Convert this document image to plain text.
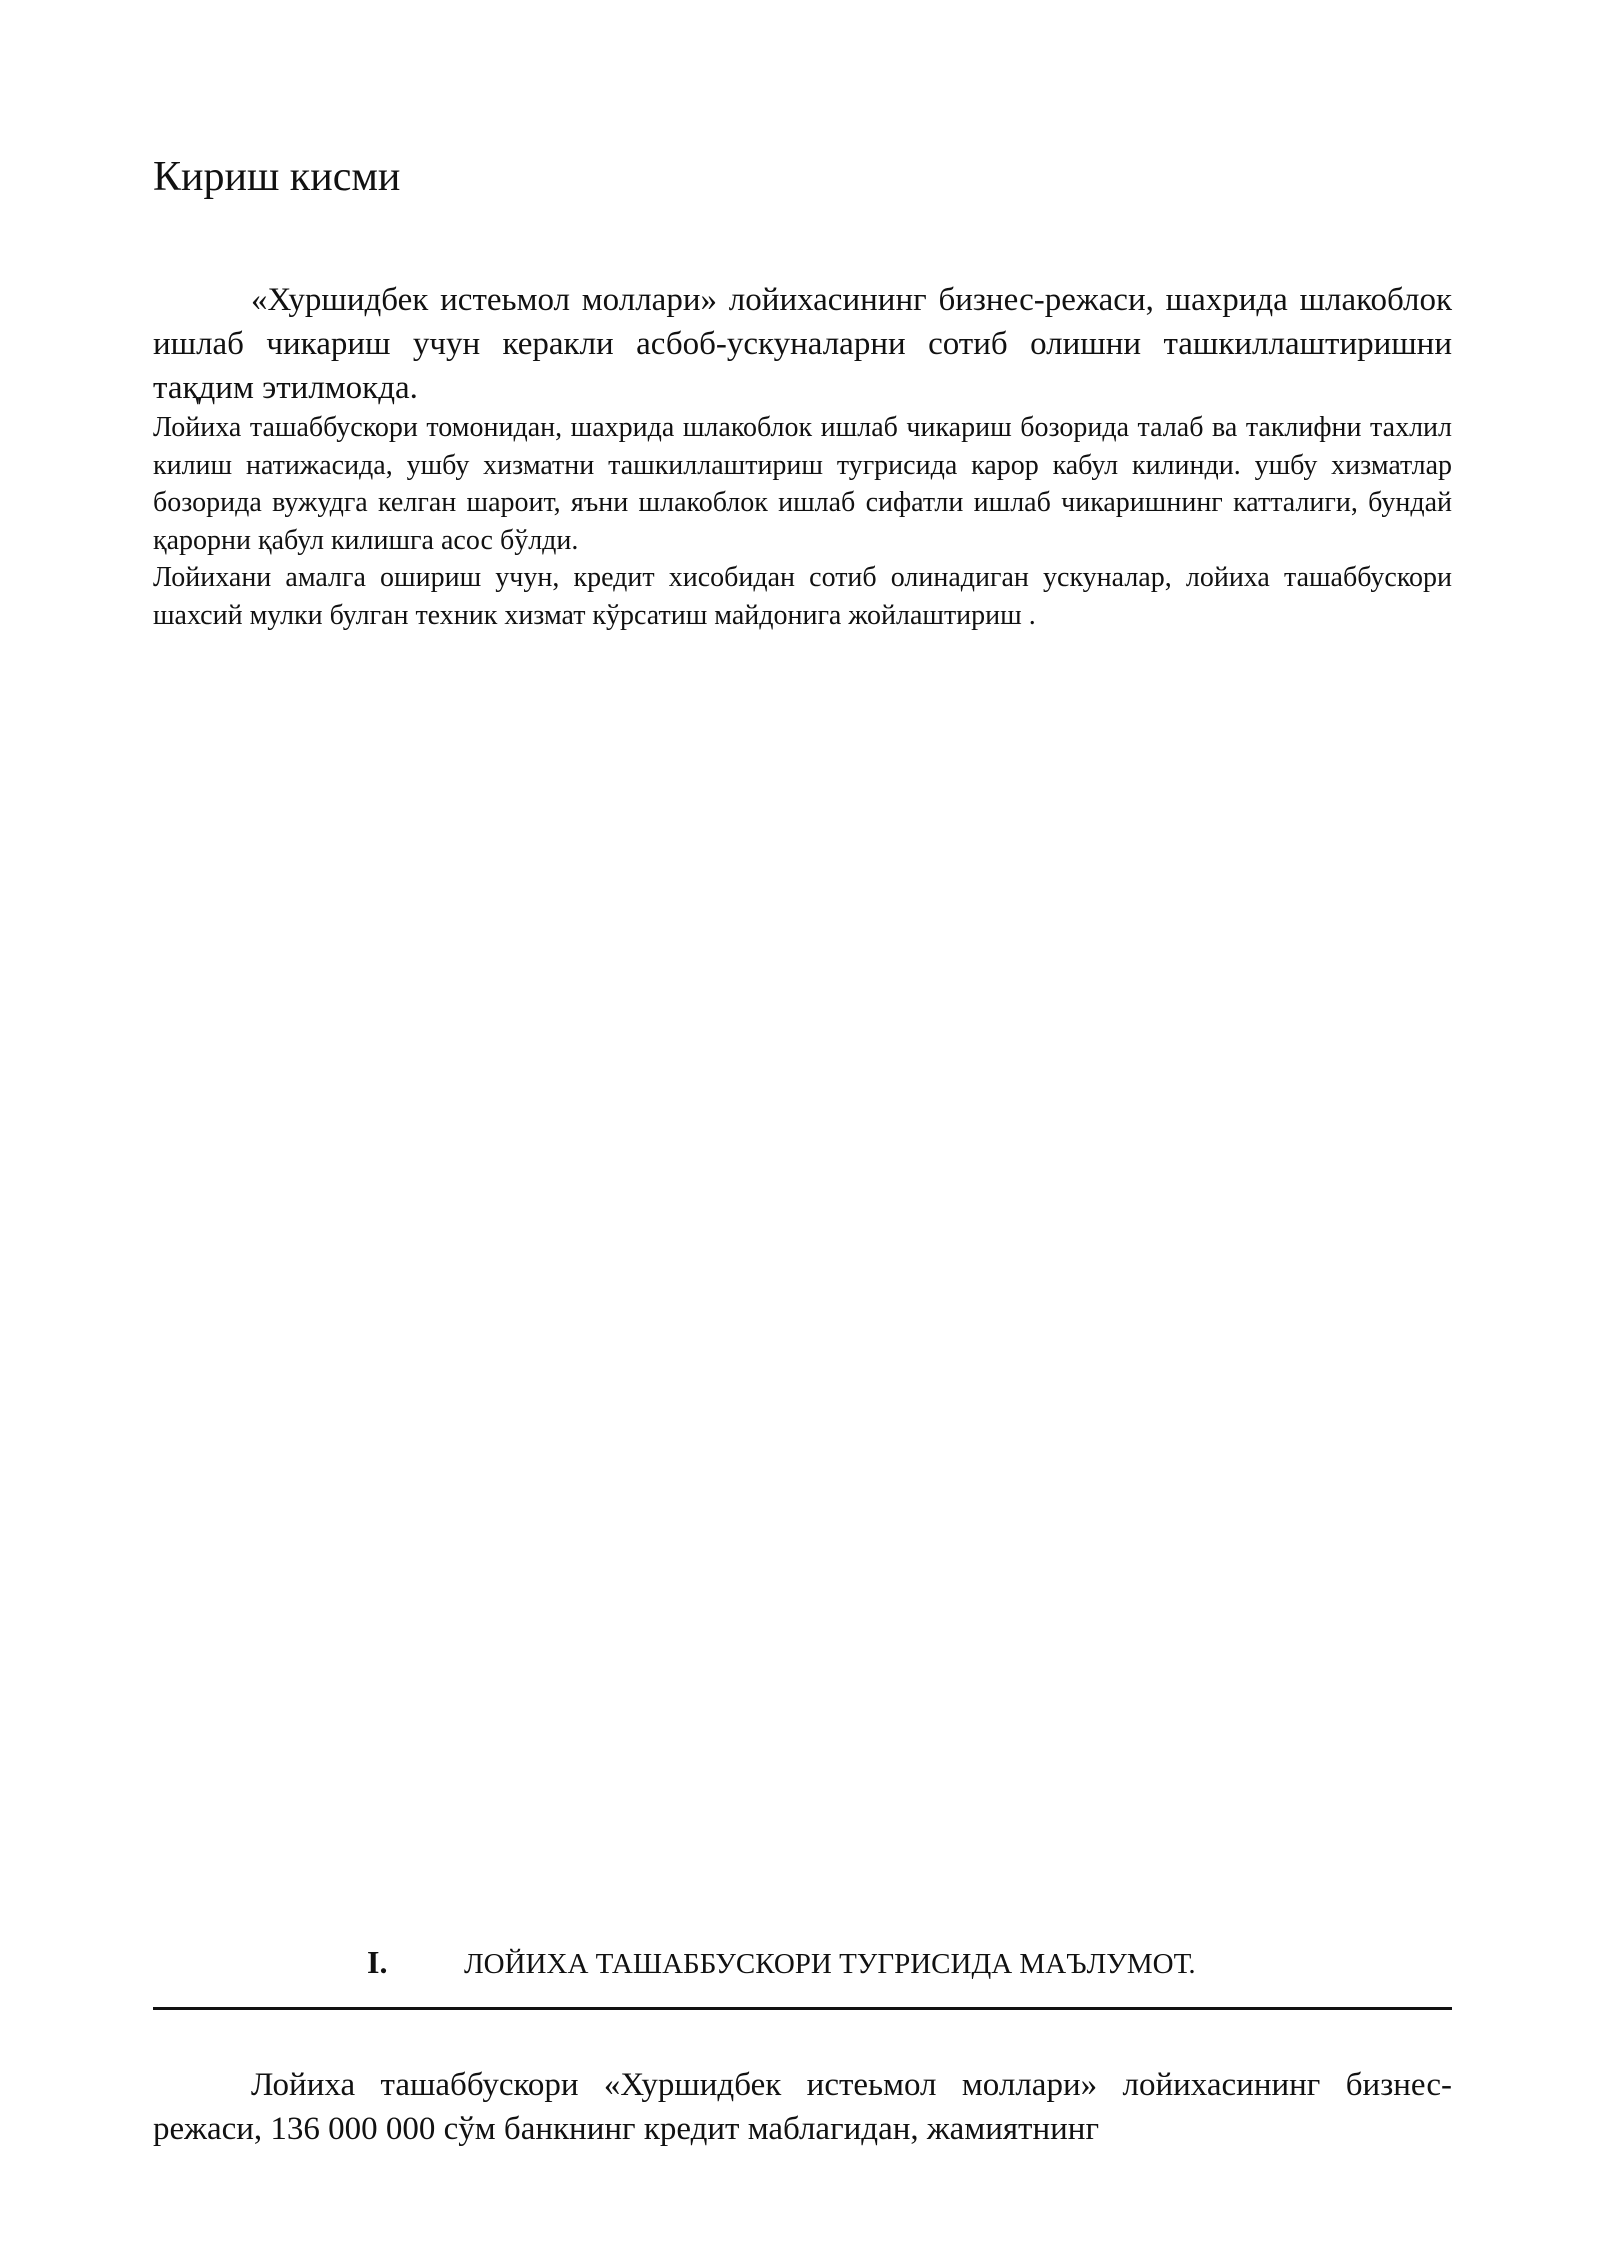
Кириш кисми

«Хуршидбек истеьмол моллари» лойихасининг бизнес-режаси, шахрида шлакоблок ишлаб чикариш учун керакли асбоб-ускуналарни сотиб олишни ташкиллаштиришни тақдим этилмокда.

Лойиха ташаббускори томонидан, шахрида шлакоблок ишлаб чикариш бозорида талаб ва таклифни тахлил килиш натижасида, ушбу хизматни ташкиллаштириш тугрисида карор кабул килинди. ушбу хизматлар бозорида вужудга келган шароит, яъни шлакоблок ишлаб сифатли ишлаб чикаришнинг катталиги, бундай қарорни қабул килишга асос бўлди.

Лойихани амалга ошириш учун, кредит хисобидан сотиб олинадиган ускуналар, лойиха ташаббускори шахсий мулки булган техник хизмат кўрсатиш майдонига жойлаштириш .

I.	ЛОЙИХА ТАШАББУСКОРИ ТУГРИСИДА МАЪЛУМОТ.

Лойиха ташаббускори «Хуршидбек истеьмол моллари» лойихасининг бизнес-режаси, 136 000 000 сўм банкнинг кредит маблагидан, жамиятнинг
